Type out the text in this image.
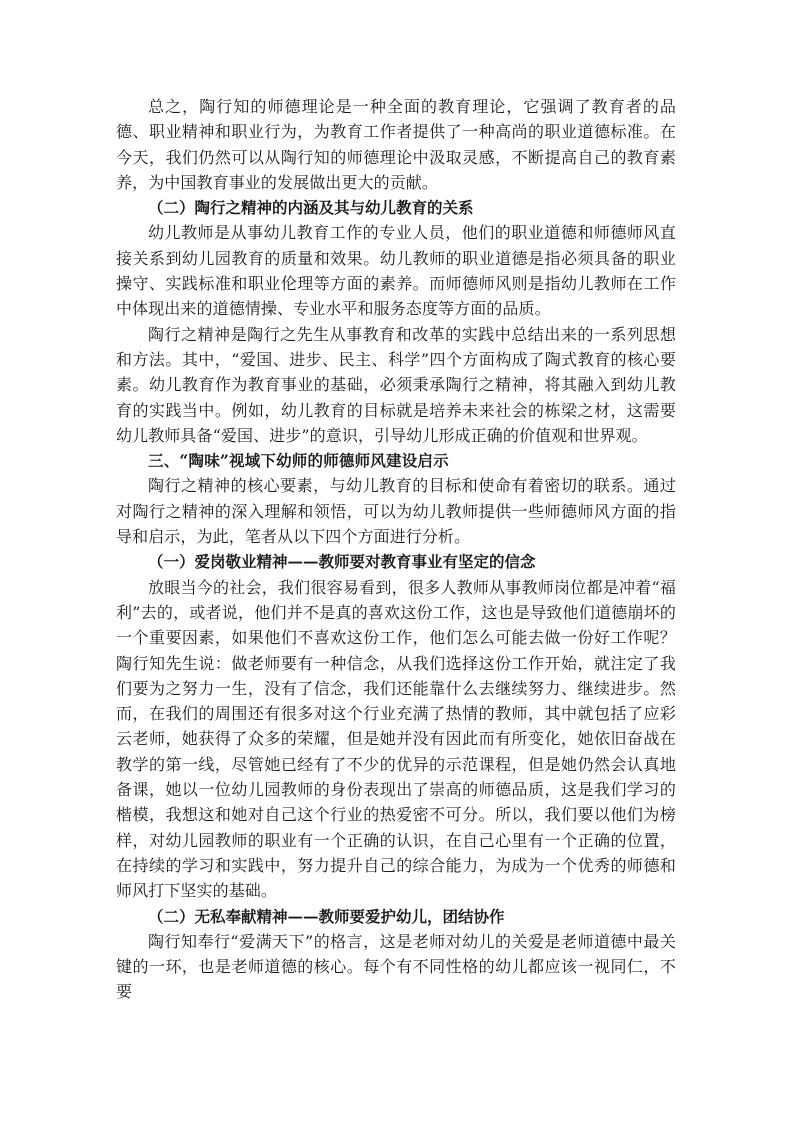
总之，陶行知的师德理论是一种全面的教育理论，它强调了教育者的品德、职业精神和职业行为，为教育工作者提供了一种高尚的职业道德标准。在今天，我们仍然可以从陶行知的师德理论中汲取灵感，不断提高自己的教育素养，为中国教育事业的发展做出更大的贡献。

（二）陶行之精神的内涵及其与幼儿教育的关系

幼儿教师是从事幼儿教育工作的专业人员，他们的职业道德和师德师风直接关系到幼儿园教育的质量和效果。幼儿教师的职业道德是指必须具备的职业操守、实践标准和职业伦理等方面的素养。而师德师风则是指幼儿教师在工作中体现出来的道德情操、专业水平和服务态度等方面的品质。

陶行之精神是陶行之先生从事教育和改革的实践中总结出来的一系列思想和方法。其中，“爱国、进步、民主、科学”四个方面构成了陶式教育的核心要素。幼儿教育作为教育事业的基础，必须秉承陶行之精神，将其融入到幼儿教育的实践当中。例如，幼儿教育的目标就是培养未来社会的栋梁之材，这需要幼儿教师具备“爱国、进步”的意识，引导幼儿形成正确的价值观和世界观。

三、“陶味”视域下幼师的师德师风建设启示

陶行之精神的核心要素，与幼儿教育的目标和使命有着密切的联系。通过对陶行之精神的深入理解和领悟，可以为幼儿教师提供一些师德师风方面的指导和启示，为此，笔者从以下四个方面进行分析。

（一）爱岗敬业精神——教师要对教育事业有坚定的信念

放眼当今的社会，我们很容易看到，很多人教师从事教师岗位都是冲着“福利”去的，或者说，他们并不是真的喜欢这份工作，这也是导致他们道德崩坏的一个重要因素，如果他们不喜欢这份工作，他们怎么可能去做一份好工作呢？陶行知先生说：做老师要有一种信念，从我们选择这份工作开始，就注定了我们要为之努力一生，没有了信念，我们还能靠什么去继续努力、继续进步。然而，在我们的周围还有很多对这个行业充满了热情的教师，其中就包括了应彩云老师，她获得了众多的荣耀，但是她并没有因此而有所变化，她依旧奋战在教学的第一线，尽管她已经有了不少的优异的示范课程，但是她仍然会认真地备课，她以一位幼儿园教师的身份表现出了崇高的师德品质，这是我们学习的楷模，我想这和她对自己这个行业的热爱密不可分。所以，我们要以他们为榜样，对幼儿园教师的职业有一个正确的认识，在自己心里有一个正确的位置，在持续的学习和实践中，努力提升自己的综合能力，为成为一个优秀的师德和师风打下坚实的基础。

（二）无私奉献精神——教师要爱护幼儿，团结协作

陶行知奉行“爱满天下”的格言，这是老师对幼儿的关爱是老师道德中最关键的一环，也是老师道德的核心。每个有不同性格的幼儿都应该一视同仁，不要
